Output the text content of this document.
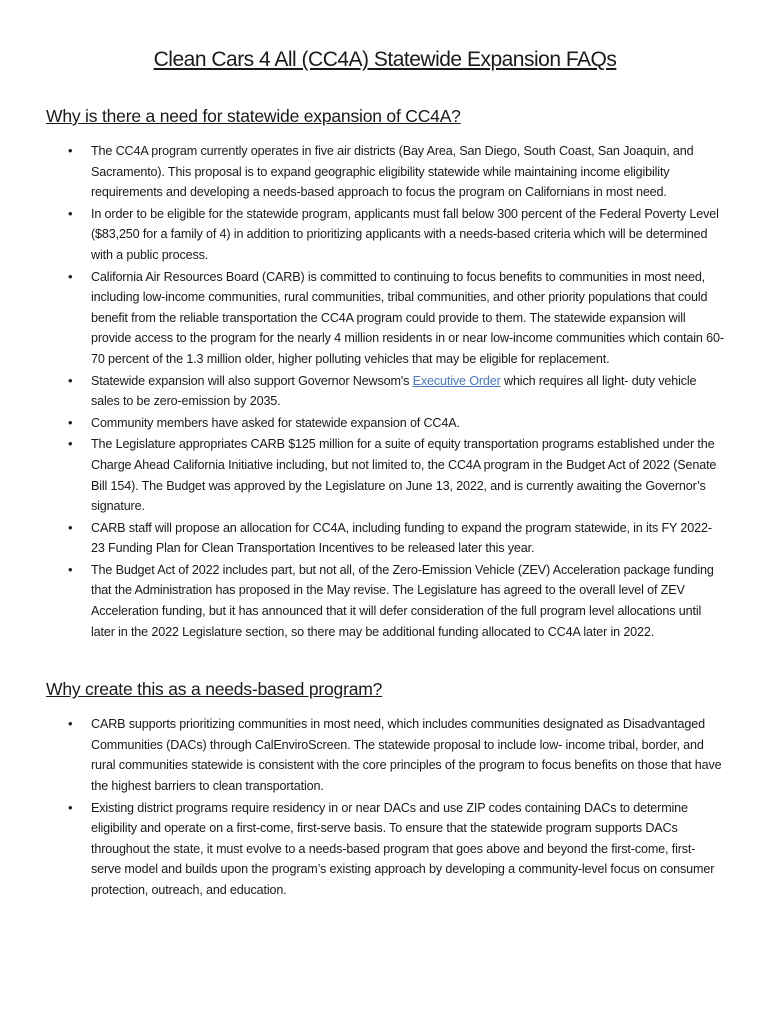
Clean Cars 4 All (CC4A) Statewide Expansion FAQs
Why is there a need for statewide expansion of CC4A?
• The CC4A program currently operates in five air districts (Bay Area, San Diego, South Coast, San Joaquin, and Sacramento). This proposal is to expand geographic eligibility statewide while maintaining income eligibility requirements and developing a needs-based approach to focus the program on Californians in most need.
• In order to be eligible for the statewide program, applicants must fall below 300 percent of the Federal Poverty Level ($83,250 for a family of 4) in addition to prioritizing applicants with a needs-based criteria which will be determined with a public process.
• California Air Resources Board (CARB) is committed to continuing to focus benefits to communities in most need, including low-income communities, rural communities, tribal communities, and other priority populations that could benefit from the reliable transportation the CC4A program could provide to them. The statewide expansion will provide access to the program for the nearly 4 million residents in or near low-income communities which contain 60-70 percent of the 1.3 million older, higher polluting vehicles that may be eligible for replacement.
• Statewide expansion will also support Governor Newsom's Executive Order which requires all light- duty vehicle sales to be zero-emission by 2035.
• Community members have asked for statewide expansion of CC4A.
• The Legislature appropriates CARB $125 million for a suite of equity transportation programs established under the Charge Ahead California Initiative including, but not limited to, the CC4A program in the Budget Act of 2022 (Senate Bill 154). The Budget was approved by the Legislature on June 13, 2022, and is currently awaiting the Governor’s signature.
• CARB staff will propose an allocation for CC4A, including funding to expand the program statewide, in its FY 2022-23 Funding Plan for Clean Transportation Incentives to be released later this year.
• The Budget Act of 2022 includes part, but not all, of the Zero-Emission Vehicle (ZEV) Acceleration package funding that the Administration has proposed in the May revise. The Legislature has agreed to the overall level of ZEV Acceleration funding, but it has announced that it will defer consideration of the full program level allocations until later in the 2022 Legislature section, so there may be additional funding allocated to CC4A later in 2022.
Why create this as a needs-based program?
• CARB supports prioritizing communities in most need, which includes communities designated as Disadvantaged Communities (DACs) through CalEnviroScreen. The statewide proposal to include low- income tribal, border, and rural communities statewide is consistent with the core principles of the program to focus benefits on those that have the highest barriers to clean transportation.
• Existing district programs require residency in or near DACs and use ZIP codes containing DACs to determine eligibility and operate on a first-come, first-serve basis. To ensure that the statewide program supports DACs throughout the state, it must evolve to a needs-based program that goes above and beyond the first-come, first-serve model and builds upon the program’s existing approach by developing a community-level focus on consumer protection, outreach, and education.
